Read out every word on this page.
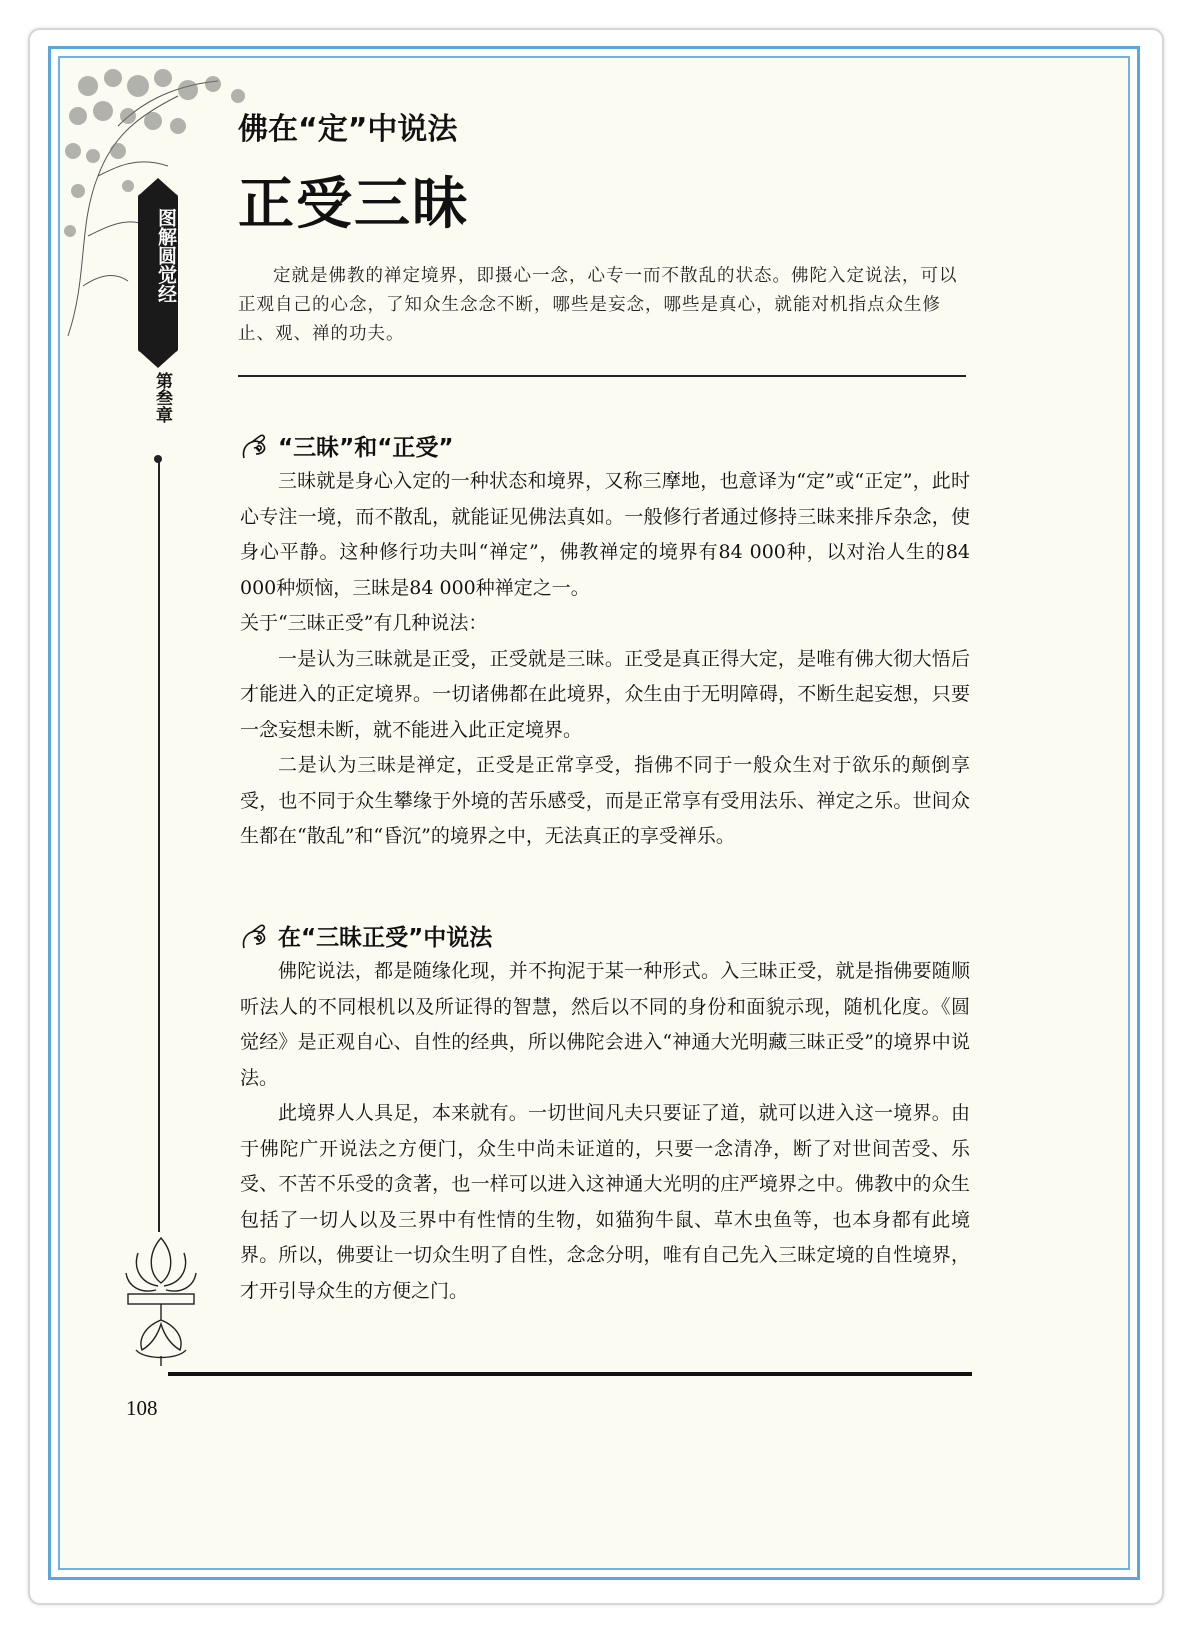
图解圆觉经
第叁章
佛在“定”中说法
正受三昧
定就是佛教的禅定境界，即摄心一念，心专一而不散乱的状态。佛陀入定说法，可以正观自己的心念，了知众生念念不断，哪些是妄念，哪些是真心，就能对机指点众生修止、观、禅的功夫。
“三昧”和“正受”

三昧就是身心入定的一种状态和境界，又称三摩地，也意译为“定”或“正定”，此时心专注一境，而不散乱，就能证见佛法真如。一般修行者通过修持三昧来排斥杂念，使身心平静。这种修行功夫叫“禅定”，佛教禅定的境界有84 000种，以对治人生的84 000种烦恼，三昧是84 000种禅定之一。

关于“三昧正受”有几种说法：

一是认为三昧就是正受，正受就是三昧。正受是真正得大定，是唯有佛大彻大悟后才能进入的正定境界。一切诸佛都在此境界，众生由于无明障碍，不断生起妄想，只要一念妄想未断，就不能进入此正定境界。

二是认为三昧是禅定，正受是正常享受，指佛不同于一般众生对于欲乐的颠倒享受，也不同于众生攀缘于外境的苦乐感受，而是正常享有受用法乐、禅定之乐。世间众生都在“散乱”和“昏沉”的境界之中，无法真正的享受禅乐。

在“三昧正受”中说法

佛陀说法，都是随缘化现，并不拘泥于某一种形式。入三昧正受，就是指佛要随顺听法人的不同根机以及所证得的智慧，然后以不同的身份和面貌示现，随机化度。《圆觉经》是正观自心、自性的经典，所以佛陀会进入“神通大光明藏三昧正受”的境界中说法。

此境界人人具足，本来就有。一切世间凡夫只要证了道，就可以进入这一境界。由于佛陀广开说法之方便门，众生中尚未证道的，只要一念清净，断了对世间苦受、乐受、不苦不乐受的贪著，也一样可以进入这神通大光明的庄严境界之中。佛教中的众生包括了一切人以及三界中有性情的生物，如猫狗牛鼠、草木虫鱼等，也本身都有此境界。所以，佛要让一切众生明了自性，念念分明，唯有自己先入三昧定境的自性境界，才开引导众生的方便之门。

108
